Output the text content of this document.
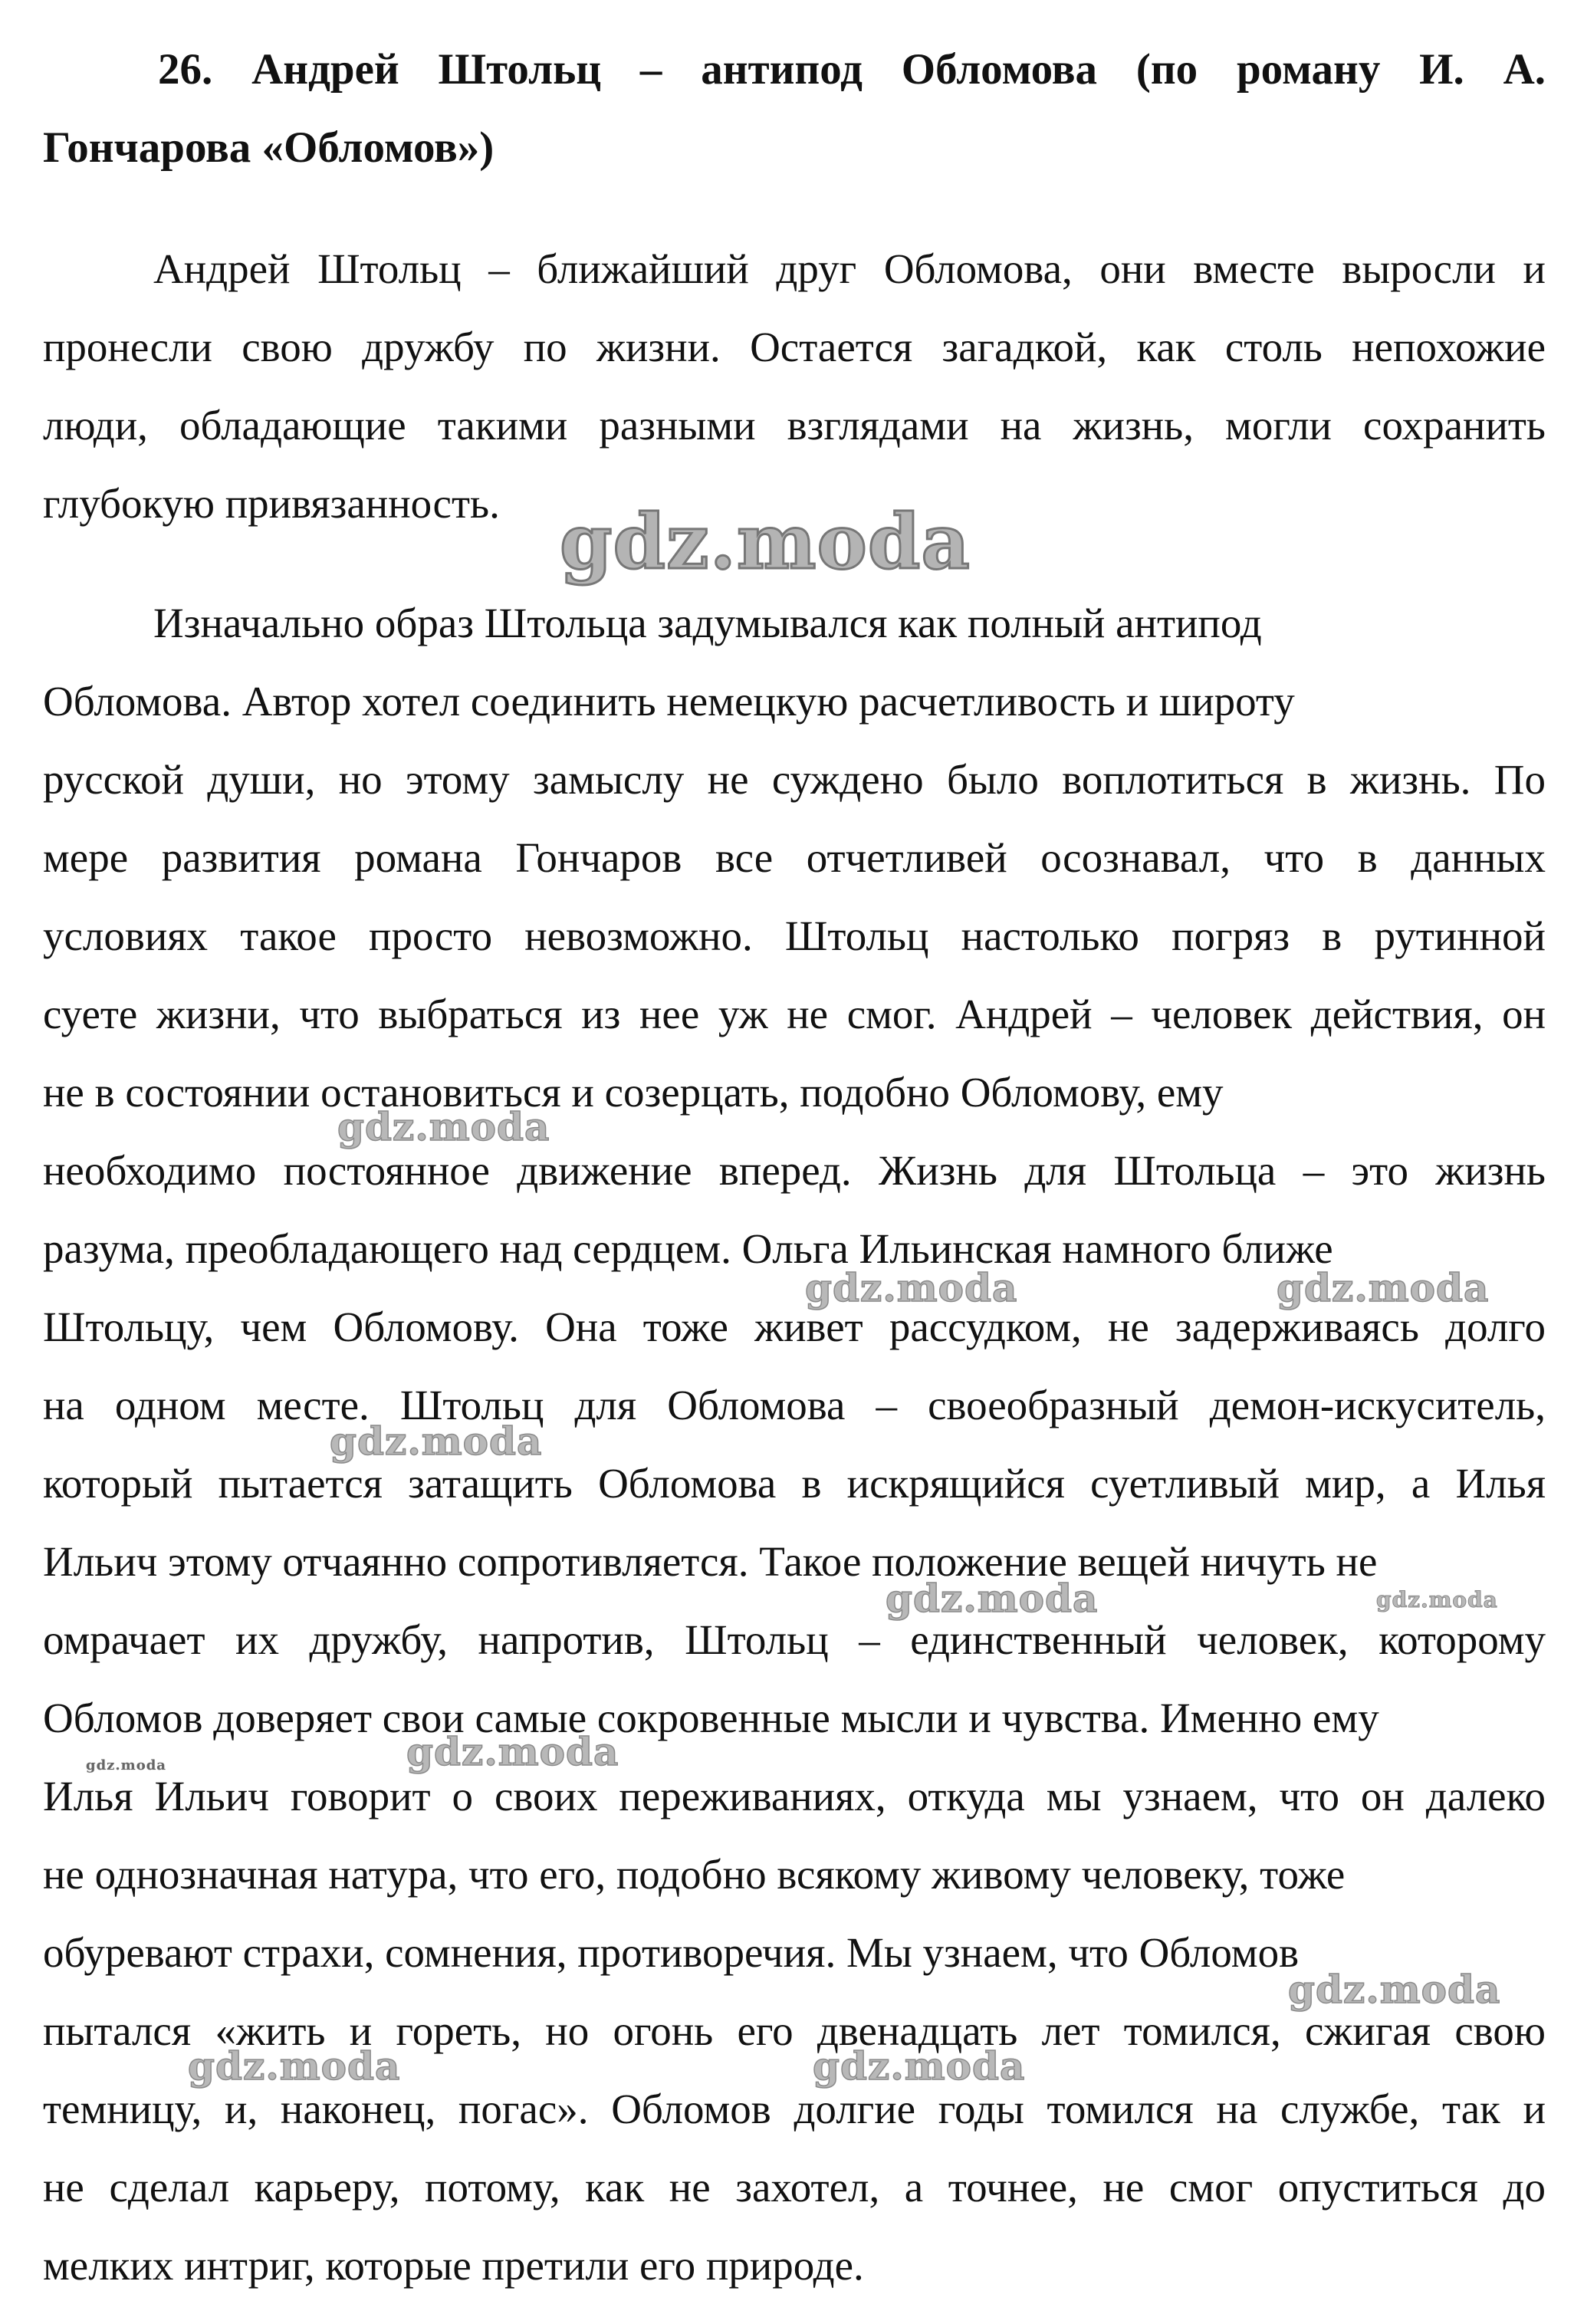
26. Андрей Штольц – антипод Обломова (по роману И. А.
Гончарова «Обломов»)
Андрей Штольц – ближайший друг Обломова, они вместе выросли и
пронесли свою дружбу по жизни. Остается загадкой, как столь непохожие
люди, обладающие такими разными взглядами на жизнь, могли сохранить
глубокую привязанность.
Изначально образ Штольца задумывался как полный антипод
Обломова. Автор хотел соединить немецкую расчетливость и широту
русской души, но этому замыслу не суждено было воплотиться в жизнь. По
мере развития романа Гончаров все отчетливей осознавал, что в данных
условиях такое просто невозможно. Штольц настолько погряз в рутинной
суете жизни, что выбраться из нее уж не смог. Андрей – человек действия, он
не в состоянии остановиться и созерцать, подобно Обломову, ему
необходимо постоянное движение вперед. Жизнь для Штольца – это жизнь
разума, преобладающего над сердцем. Ольга Ильинская намного ближе
Штольцу, чем Обломову. Она тоже живет рассудком, не задерживаясь долго
на одном месте. Штольц для Обломова – своеобразный демон-искуситель,
который пытается затащить Обломова в искрящийся суетливый мир, а Илья
Ильич этому отчаянно сопротивляется. Такое положение вещей ничуть не
омрачает их дружбу, напротив, Штольц – единственный человек, которому
Обломов доверяет свои самые сокровенные мысли и чувства. Именно ему
Илья Ильич говорит о своих переживаниях, откуда мы узнаем, что он далеко
не однозначная натура, что его, подобно всякому живому человеку, тоже
обуревают страхи, сомнения, противоречия. Мы узнаем, что Обломов
пытался «жить и гореть, но огонь его двенадцать лет томился, сжигая свою
темницу, и, наконец, погас». Обломов долгие годы томился на службе, так и
не сделал карьеру, потому, как не захотел, а точнее, не смог опуститься до
мелких интриг, которые претили его природе.
gdz.moda
gdz.moda
gdz.moda	gdz.moda
gdz.moda
gdz.moda	gdz.moda
gdz.moda
gdz.moda
gdz.moda
gdz.moda	gdz.moda
